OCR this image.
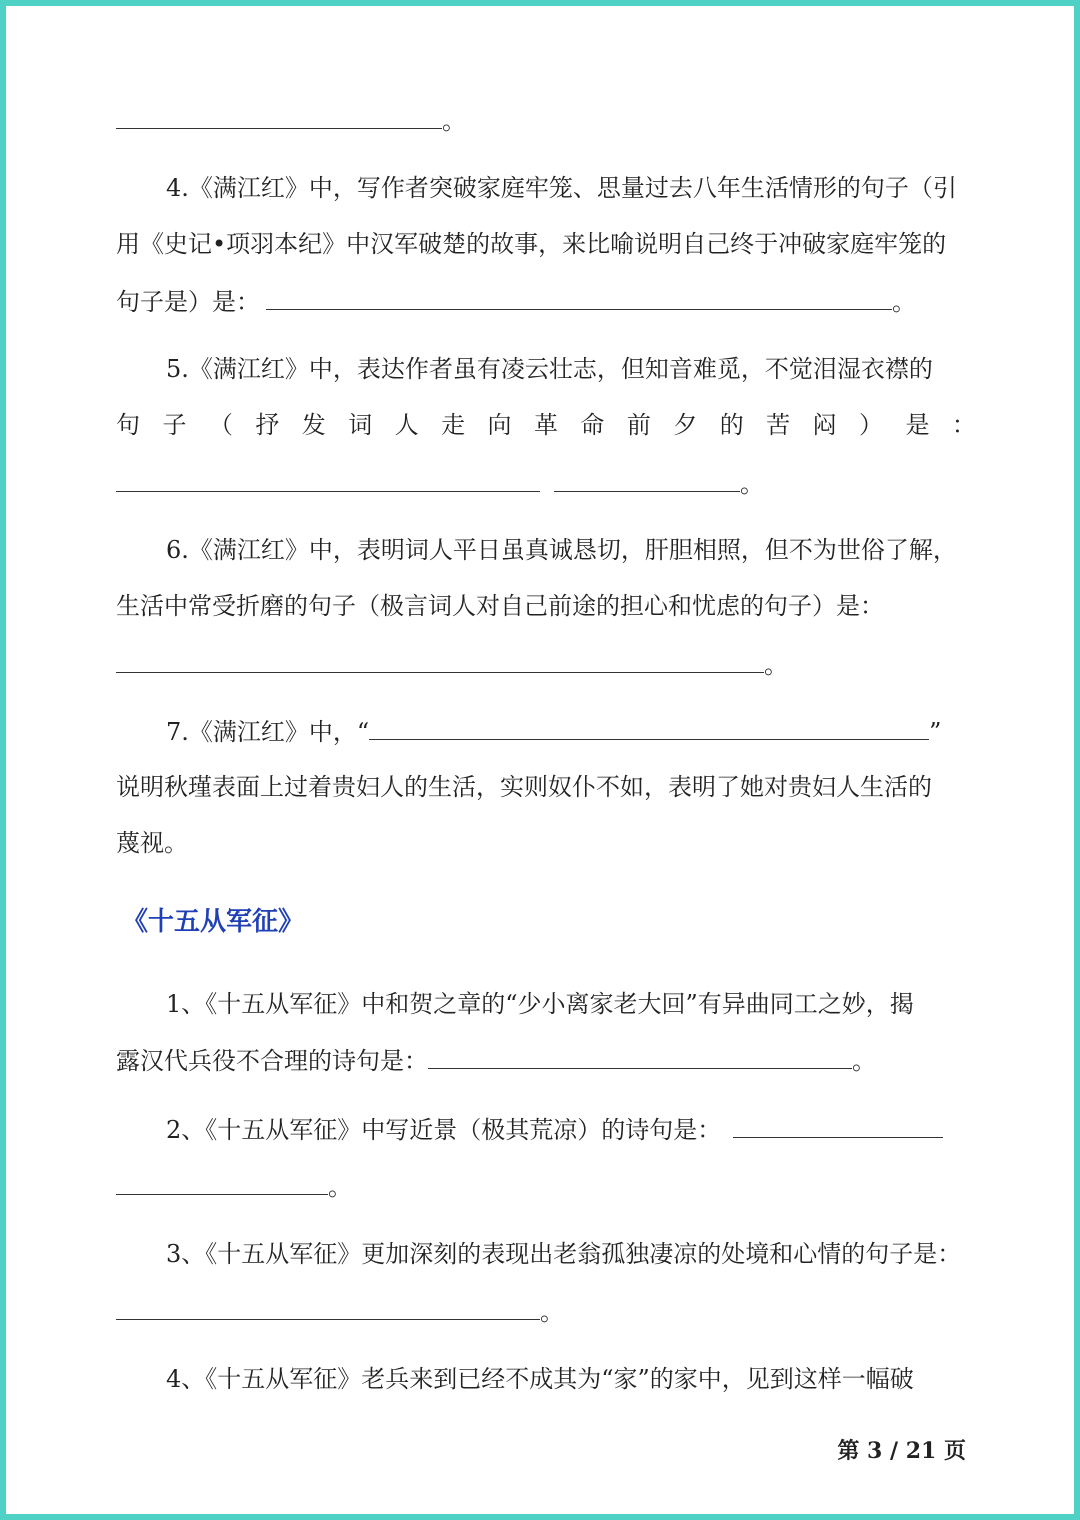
。
4.《满江红》中，写作者突破家庭牢笼、思量过去八年生活情形的句子（引
用《史记•项羽本纪》中汉军破楚的故事，来比喻说明自己终于冲破家庭牢笼的
句子是）是：	。
5.《满江红》中，表达作者虽有凌云壮志，但知音难觅，不觉泪湿衣襟的
句 子 （ 抒 发 词 人 走 向 革 命 前 夕 的 苦 闷 ） 是 ：
。
6.《满江红》中，表明词人平日虽真诚恳切，肝胆相照，但不为世俗了解，
生活中常受折磨的句子（极言词人对自己前途的担心和忧虑的句子）是：
。
7.《满江红》中，“	”
说明秋瑾表面上过着贵妇人的生活，实则奴仆不如，表明了她对贵妇人生活的
蔑视。
《十五从军征》
1、《十五从军征》中和贺之章的“少小离家老大回”有异曲同工之妙，揭
露汉代兵役不合理的诗句是：	。
2、《十五从军征》中写近景（极其荒凉）的诗句是：
。
3、《十五从军征》更加深刻的表现出老翁孤独凄凉的处境和心情的句子是：
。
4、《十五从军征》老兵来到已经不成其为“家”的家中，见到这样一幅破
第 3 / 21 页
